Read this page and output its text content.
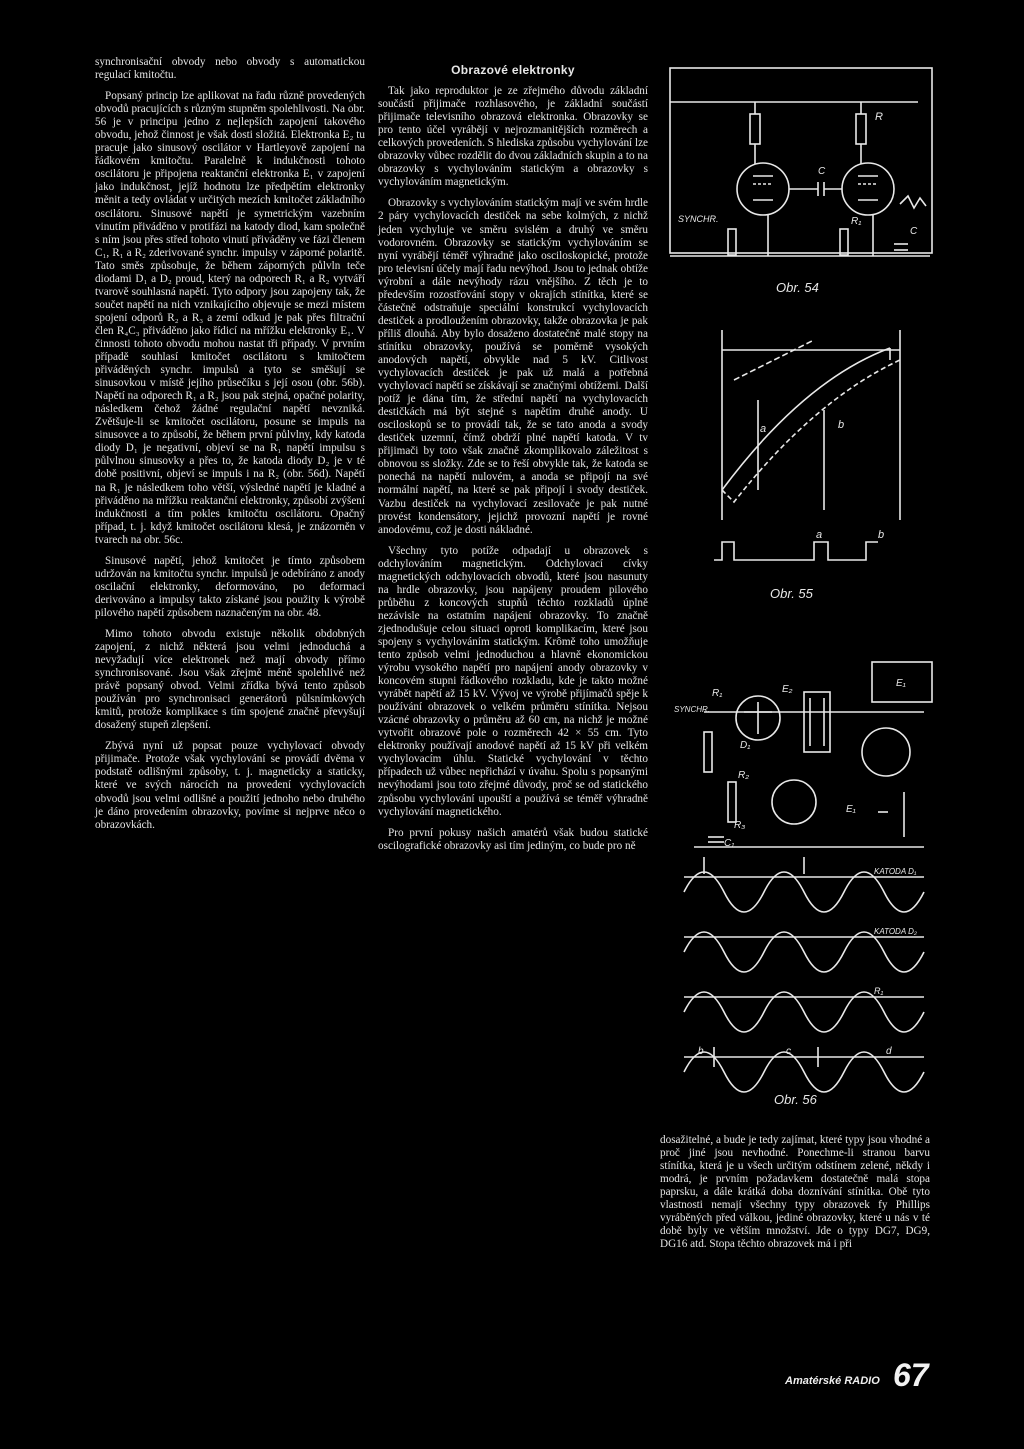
synchronisační obvody nebo obvody s automatickou regulací kmitočtu.

Popsaný princip lze aplikovat na řadu různě provedených obvodů pracujících s různým stupněm spolehlivosti. Na obr. 56 je v principu jedno z nejlepších zapojení takového obvodu, jehož činnost je však dosti složitá. Elektronka E₂ tu pracuje jako sinusový oscilátor v Hartleyově zapojení na řádkovém kmitočtu. Paralelně k indukčnosti tohoto oscilátoru je připojena reaktanční elektronka E₁ v zapojení jako indukčnost, jejíž hodnotu lze předpětím elektronky měnit a tedy ovládat v určitých mezích kmitočet základního oscilátoru. Sinusové napětí je symetrickým vazebním vinutím přiváděno v protifázi na katody diod, kam společně s ním jsou přes střed tohoto vinutí přiváděny ve fázi členem C₁, R₁ a R₂ zderivované synchr. impulsy v záporné polaritě. Tato směs způsobuje, že během záporných půlvln teče diodami D₁ a D₂ proud, který na odporech R₁ a R₂ vytváří tvarově souhlasná napětí. Tyto odpory jsou zapojeny tak, že součet napětí na nich vznikajícího objevuje se mezi místem spojení odporů R₂ a R₃ a zemí odkud je pak přes filtrační člen R₄C₃ přiváděno jako řídicí na mřížku elektronky E₁. V činnosti tohoto obvodu mohou nastat tři případy. V prvním případě souhlasí kmitočet oscilátoru s kmitočtem přiváděných synchr. impulsů a tyto se směšují se sinusovkou v místě jejího průsečíku s její osou (obr. 56b). Napětí na odporech R₁ a R₂ jsou pak stejná, opačné polarity, následkem čehož žádné regulační napětí nevzniká. Zvětšuje-li se kmitočet oscilátoru, posune se impuls na sinusovce a to způsobí, že během první půlvlny, kdy katoda diody D₁ je negativní, objeví se na R₁ napětí impulsu s půlvlnou sinusovky a přes to, že katoda diody D₂ je v té době positivní, objeví se impuls i na R₂ (obr. 56d). Napětí na R₁ je následkem toho větší, výsledné napětí je kladné a přiváděno na mřížku reaktanční elektronky, způsobí zvýšení indukčnosti a tím pokles kmitočtu oscilátoru. Opačný případ, t. j. když kmitočet oscilátoru klesá, je znázorněn v tvarech na obr. 56c.

Sinusové napětí, jehož kmitočet je tímto způsobem udržován na kmitočtu synchr. impulsů je odebíráno z anody oscilační elektronky, deformováno, po deformaci derivováno a impulsy takto získané jsou použity k výrobě pilového napětí způsobem naznačeným na obr. 48.

Mimo tohoto obvodu existuje několik obdobných zapojení, z nichž některá jsou velmi jednoduchá a nevyžadují více elektronek než mají obvody přímo synchronisované. Jsou však zřejmě méně spolehlivé než právě popsaný obvod. Velmi zřídka bývá tento způsob používán pro synchronisaci generátorů půlsnímkových kmitů, protože komplikace s tím spojené značně převyšují dosažený stupeň zlepšení.

Zbývá nyní už popsat pouze vychylovací obvody přijimače. Protože však vychylování se provádí dvěma v podstatě odlišnými způsoby, t. j. magneticky a staticky, které ve svých nárocích na provedení vychylovacích obvodů jsou velmi odlišné a použití jednoho nebo druhého je dáno provedením obrazovky, povíme si nejprve něco o obrazovkách.

Obrazové elektronky

Tak jako reproduktor je ze zřejmého důvodu základní součástí přijimače rozhlasového, je základní součástí přijimače televisního obrazová elektronka. Obrazovky se pro tento účel vyrábějí v nejrozmanitějších rozměrech a celkových provedeních. S hlediska způsobu vychylování lze obrazovky vůbec rozdělit do dvou základních skupin a to na obrazovky s vychylováním statickým a obrazovky s vychylováním magnetickým.

Obrazovky s vychylováním statickým mají ve svém hrdle 2 páry vychylovacích destiček na sebe kolmých, z nichž jeden vychyluje ve směru svislém a druhý ve směru vodorovném. Obrazovky se statickým vychylováním se nyní vyrábějí téměř výhradně jako osciloskopické, protože pro televisní účely mají řadu nevýhod. Jsou to jednak obtíže výrobní a dále nevýhody rázu vnějšího. Z těch je to především rozostřování stopy v okrajích stínítka, které se částečně odstraňuje speciální konstrukcí vychylovacích destiček a prodloužením obrazovky, takže obrazovka je pak příliš dlouhá. Aby bylo dosaženo dostatečně malé stopy na stínítku obrazovky, používá se poměrně vysokých anodových napětí, obvykle nad 5 kV. Citlivost vychylovacích destiček je pak už malá a potřebná vychylovací napětí se získávají se značnými obtížemi. Další potíž je dána tím, že střední napětí na vychylovacích destičkách má být stejné s napětím druhé anody. U osciloskopů se to provádí tak, že se tato anoda a svody destiček uzemní, čímž obdrží plné napětí katoda. V tv přijimači by toto však značně zkomplikovalo záležitost s obnovou ss složky. Zde se to řeší obvykle tak, že katoda se ponechá na napětí nulovém, a anoda se připojí na své normální napětí, na které se pak připojí i svody destiček. Vazbu destiček na vychylovací zesilovače je pak nutné provést kondensátory, jejichž provozní napětí je rovné anodovému, což je dosti nákladné.

Všechny tyto potíže odpadají u obrazovek s odchylováním magnetickým. Odchylovací cívky magnetických odchylovacích obvodů, které jsou nasunuty na hrdle obrazovky, jsou napájeny proudem pilového průběhu z koncových stupňů těchto rozkladů úplně nezávisle na ostatním napájení obrazovky. To značně zjednodušuje celou situaci oproti komplikacím, které jsou spojeny s vychylováním statickým. Krômě toho umožňuje tento způsob velmi jednoduchou a hlavně ekonomickou výrobu vysokého napětí pro napájení anody obrazovky v koncovém stupni řádkového rozkladu, kde je takto možné vyrábět napětí až 15 kV. Vývoj ve výrobě přijímačů spěje k používání obrazovek o velkém průměru stínítka. Nejsou vzácné obrazovky o průměru až 60 cm, na nichž je možné vytvořit obrazové pole o rozměrech 42 × 55 cm. Tyto elektronky používají anodové napětí až 15 kV při velkém vychylovacím úhlu. Statické vychylování v těchto případech už vůbec nepřichází v úvahu. Spolu s popsanými nevýhodami jsou toto zřejmé důvody, proč se od statického způsobu vychylování upouští a používá se téměř výhradně vychylování magnetického.

Pro první pokusy našich amatérů však budou statické oscilografické obrazovky asi tím jediným, co bude pro ně

dosažitelné, a bude je tedy zajímat, které typy jsou vhodné a proč jiné jsou nevhodné. Ponechme-li stranou barvu stínítka, která je u všech určitým odstínem zelené, někdy i modrá, je prvním požadavkem dostatečně malá stopa paprsku, a dále krátká doba doznívání stínítka. Obě tyto vlastnosti nemají všechny typy obrazovek fy Phillips vyráběných před válkou, jediné obrazovky, které u nás v té době byly ve větším množství. Jde o typy DG7, DG9, DG16 atd. Stopa těchto obrazovek má i při

R
C
SYNCHR.	R₁
C
Obr. 54
a	b
a	b
Obr. 55
E₁
E₂
R₁
D₁
SYNCHR.
R₂
E₁
R₃
C₁
KATODA D₁
KATODA D₂
R₁
b	c	d
Obr. 56
Amatérské RADIO 67
